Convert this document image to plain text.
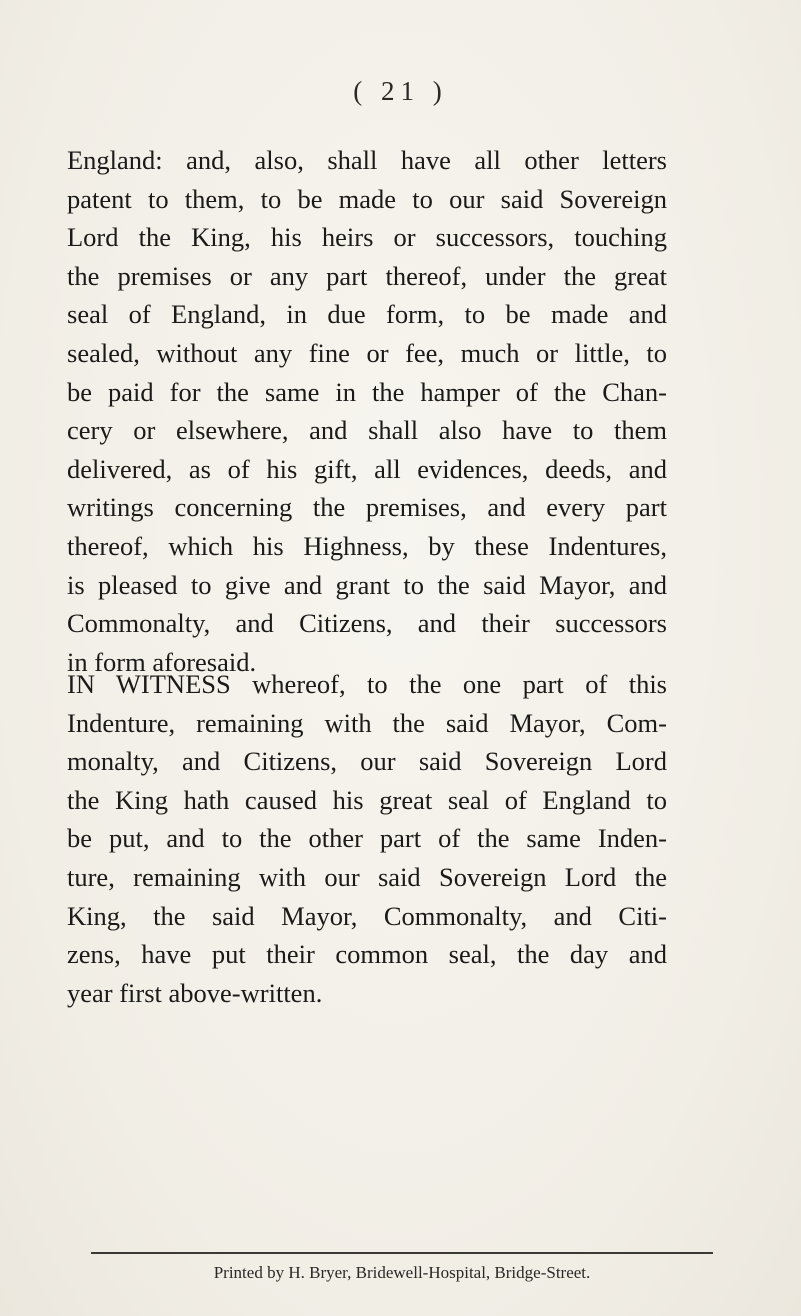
( 21 )
England: and, also, shall have all other letters
patent to them, to be made to our said Sovereign
Lord the King, his heirs or successors, touching
the premises or any part thereof, under the great
seal of England, in due form, to be made and
sealed, without any fine or fee, much or little, to
be paid for the same in the hamper of the Chan-
cery or elsewhere, and shall also have to them
delivered, as of his gift, all evidences, deeds, and
writings concerning the premises, and every part
thereof, which his Highness, by these Indentures,
is pleased to give and grant to the said Mayor, and
Commonalty, and Citizens, and their successors
in form aforesaid.
IN WITNESS whereof, to the one part of this
Indenture, remaining with the said Mayor, Com-
monalty, and Citizens, our said Sovereign Lord
the King hath caused his great seal of England to
be put, and to the other part of the same Inden-
ture, remaining with our said Sovereign Lord the
King, the said Mayor, Commonalty, and Citi-
zens, have put their common seal, the day and
year first above-written.
Printed by H. Bryer, Bridewell-Hospital, Bridge-Street.
